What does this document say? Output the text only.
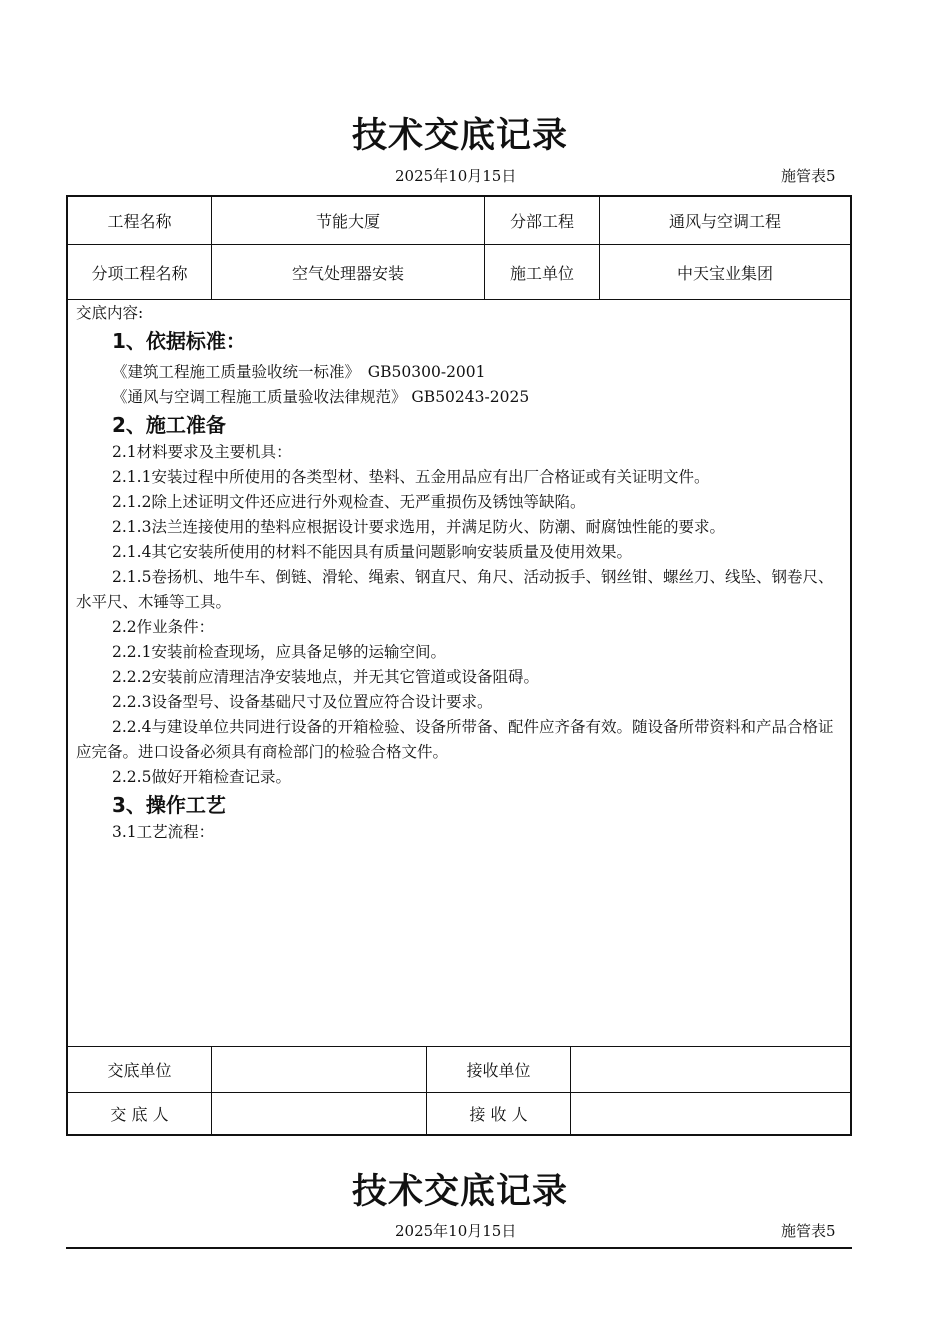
技术交底记录
2025年10月15日	施管表5
工程名称	节能大厦	分部工程	通风与空调工程
分项工程名称	空气处理器安装	施工单位	中天宝业集团
交底内容:
1、依据标准：
《建筑工程施工质量验收统一标准》　GB50300-2001
《通风与空调工程施工质量验收法律规范》 GB50243-2025
2、施工准备
2.1材料要求及主要机具：
2.1.1安装过程中所使用的各类型材、垫料、五金用品应有出厂合格证或有关证明文件。
2.1.2除上述证明文件还应进行外观检查、无严重损伤及锈蚀等缺陷。
2.1.3法兰连接使用的垫料应根据设计要求选用，并满足防火、防潮、耐腐蚀性能的要求。
2.1.4其它安装所使用的材料不能因具有质量问题影响安装质量及使用效果。
2.1.5卷扬机、地牛车、倒链、滑轮、绳索、钢直尺、角尺、活动扳手、钢丝钳、螺丝刀、线坠、钢卷尺、水平尺、木锤等工具。
2.2作业条件：
2.2.1安装前检查现场，应具备足够的运输空间。
2.2.2安装前应清理洁净安装地点，并无其它管道或设备阻碍。
2.2.3设备型号、设备基础尺寸及位置应符合设计要求。
2.2.4与建设单位共同进行设备的开箱检验、设备所带备、配件应齐备有效。随设备所带资料和产品合格证应完备。进口设备必须具有商检部门的检验合格文件。
2.2.5做好开箱检查记录。
3、操作工艺
3.1工艺流程：
交底单位	接收单位
交 底 人	接 收 人
技术交底记录
2025年10月15日	施管表5
